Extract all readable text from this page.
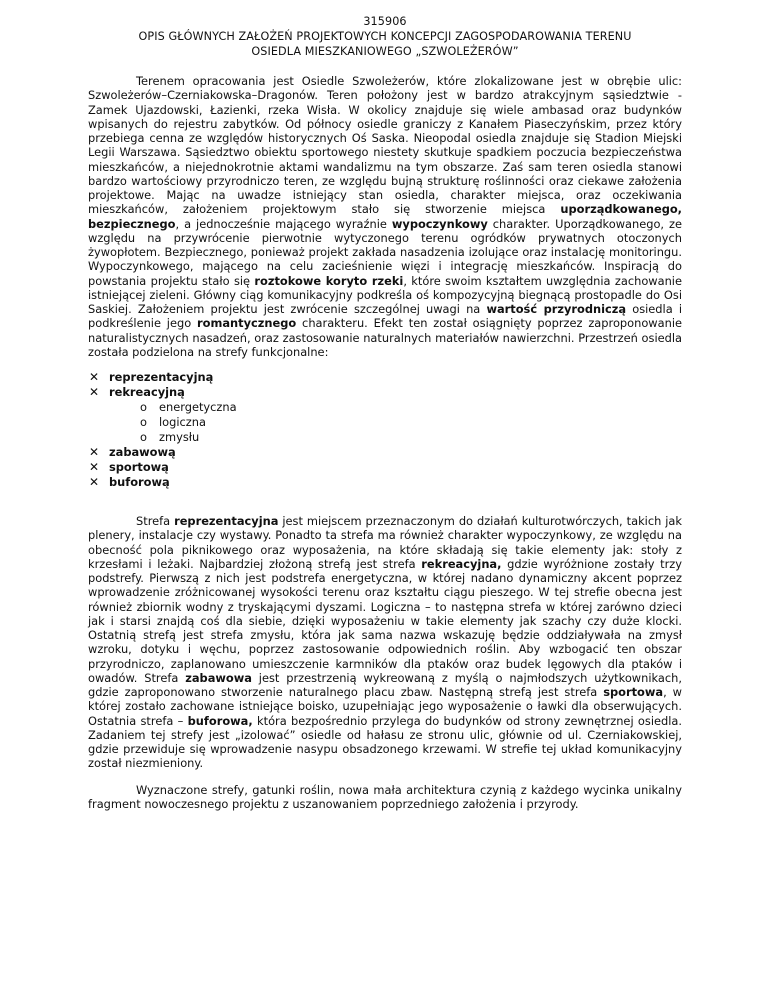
315906
OPIS GŁÓWNYCH ZAŁOŻEŃ PROJEKTOWYCH KONCEPCJI ZAGOSPODAROWANIA TERENU
OSIEDLA MIESZKANIOWEGO „SZWOLEŻERÓW”

Terenem opracowania jest Osiedle Szwoleżerów, które zlokalizowane jest w obrębie ulic: Szwoleżerów–Czerniakowska–Dragonów. Teren położony jest w bardzo atrakcyjnym sąsiedztwie - Zamek Ujazdowski, Łazienki, rzeka Wisła. W okolicy znajduje się wiele ambasad oraz budynków wpisanych do rejestru zabytków. Od północy osiedle graniczy z Kanałem Piaseczyńskim, przez który przebiega cenna ze względów historycznych Oś Saska. Nieopodal osiedla znajduje się Stadion Miejski Legii Warszawa. Sąsiedztwo obiektu sportowego niestety skutkuje spadkiem poczucia bezpieczeństwa mieszkańców, a niejednokrotnie aktami wandalizmu na tym obszarze. Zaś sam teren osiedla stanowi bardzo wartościowy przyrodniczo teren, ze względu bujną strukturę roślinności oraz ciekawe założenia projektowe. Mając na uwadze istniejący stan osiedla, charakter miejsca, oraz oczekiwania mieszkańców, założeniem projektowym stało się stworzenie miejsca uporządkowanego, bezpiecznego, a jednocześnie mającego wyraźnie wypoczynkowy charakter. Uporządkowanego, ze względu na przywrócenie pierwotnie wytyczonego terenu ogródków prywatnych otoczonych żywopłotem. Bezpiecznego, ponieważ projekt zakłada nasadzenia izolujące oraz instalację monitoringu. Wypoczynkowego, mającego na celu zacieśnienie więzi i integrację mieszkańców. Inspiracją do powstania projektu stało się roztokowe koryto rzeki, które swoim kształtem uwzględnia zachowanie istniejącej zieleni. Główny ciąg komunikacyjny podkreśla oś kompozycyjną biegnącą prostopadle do Osi Saskiej. Założeniem projektu jest zwrócenie szczególnej uwagi na wartość przyrodniczą osiedla i podkreślenie jego romantycznego charakteru. Efekt ten został osiągnięty poprzez zaproponowanie naturalistycznych nasadzeń, oraz zastosowanie naturalnych materiałów nawierzchni. Przestrzeń osiedla została podzielona na strefy funkcjonalne:

✕ reprezentacyjną
✕ rekreacyjną
o energetyczna
o logiczna
o zmysłu
✕ zabawową
✕ sportową
✕ buforową

Strefa reprezentacyjna jest miejscem przeznaczonym do działań kulturotwórczych, takich jak plenery, instalacje czy wystawy. Ponadto ta strefa ma również charakter wypoczynkowy, ze względu na obecność pola piknikowego oraz wyposażenia, na które składają się takie elementy jak: stoły z krzesłami i leżaki. Najbardziej złożoną strefą jest strefa rekreacyjna, gdzie wyróżnione zostały trzy podstrefy. Pierwszą z nich jest podstrefa energetyczna, w której nadano dynamiczny akcent poprzez wprowadzenie zróżnicowanej wysokości terenu oraz kształtu ciągu pieszego. W tej strefie obecna jest również zbiornik wodny z tryskającymi dyszami. Logiczna – to następna strefa w której zarówno dzieci jak i starsi znajdą coś dla siebie, dzięki wyposażeniu w takie elementy jak szachy czy duże klocki. Ostatnią strefą jest strefa zmysłu, która jak sama nazwa wskazuję będzie oddziaływała na zmysł wzroku, dotyku i węchu, poprzez zastosowanie odpowiednich roślin. Aby wzbogacić ten obszar przyrodniczo, zaplanowano umieszczenie karmników dla ptaków oraz budek lęgowych dla ptaków i owadów. Strefa zabawowa jest przestrzenią wykreowaną z myślą o najmłodszych użytkownikach, gdzie zaproponowano stworzenie naturalnego placu zbaw. Następną strefą jest strefa sportowa, w której zostało zachowane istniejące boisko, uzupełniając jego wyposażenie o ławki dla obserwujących. Ostatnia strefa – buforowa, która bezpośrednio przylega do budynków od strony zewnętrznej osiedla. Zadaniem tej strefy jest „izolować” osiedle od hałasu ze stronu ulic, głównie od ul. Czerniakowskiej, gdzie przewiduje się wprowadzenie nasypu obsadzonego krzewami. W strefie tej układ komunikacyjny został niezmieniony.

Wyznaczone strefy, gatunki roślin, nowa mała architektura czynią z każdego wycinka unikalny fragment nowoczesnego projektu z uszanowaniem poprzedniego założenia i przyrody.
